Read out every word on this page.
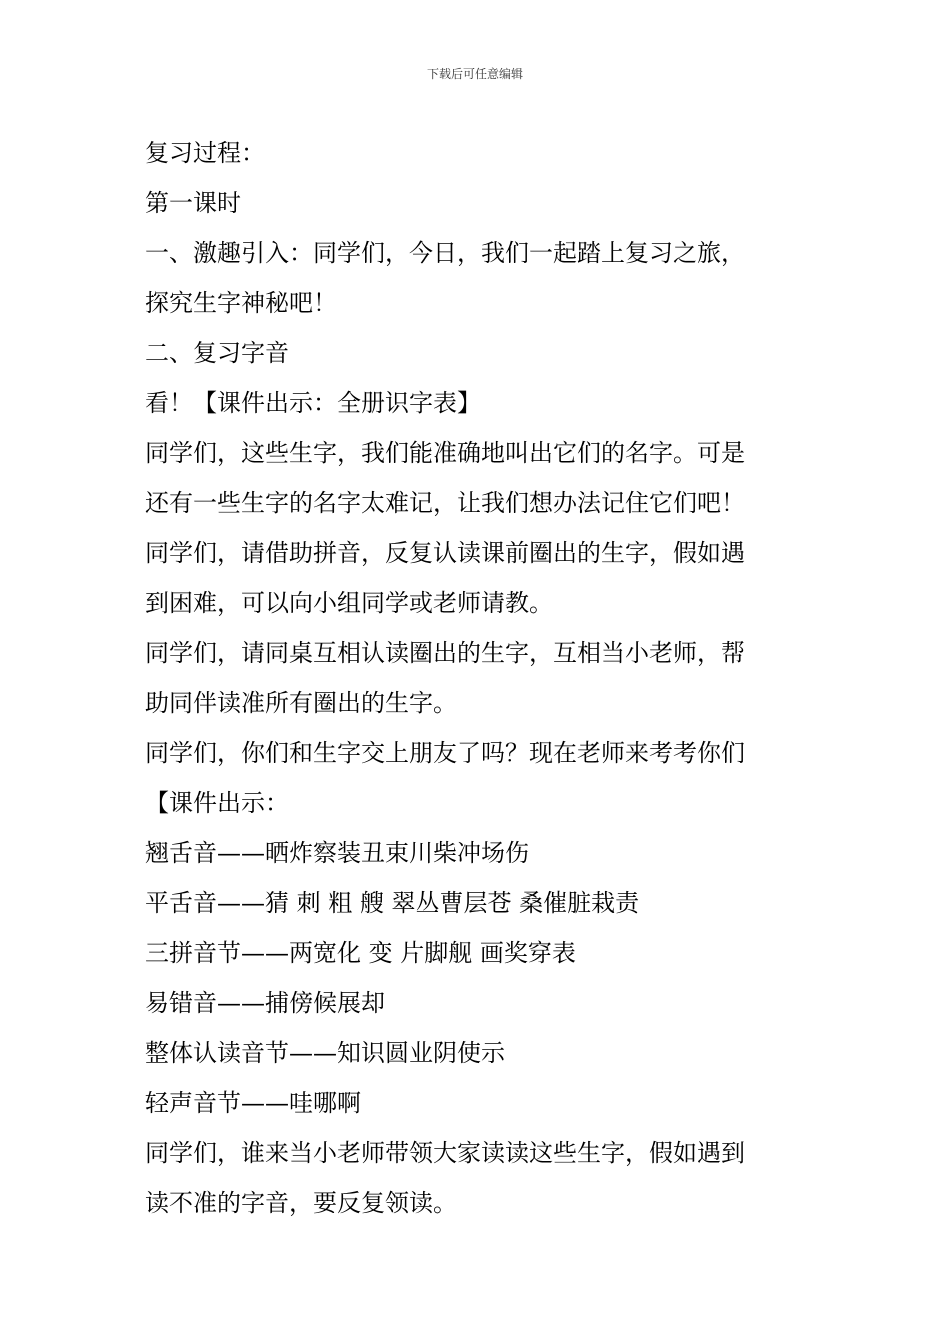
下载后可任意编辑
复习过程：
第一课时
一、激趣引入：同学们，今日，我们一起踏上复习之旅，
探究生字神秘吧！
二、复习字音
看！【课件出示：全册识字表】
同学们，这些生字，我们能准确地叫出它们的名字。可是
还有一些生字的名字太难记，让我们想办法记住它们吧！
同学们，请借助拼音，反复认读课前圈出的生字，假如遇
到困难，可以向小组同学或老师请教。
同学们，请同桌互相认读圈出的生字，互相当小老师，帮
助同伴读准所有圈出的生字。
同学们，你们和生字交上朋友了吗？现在老师来考考你们
【课件出示：
翘舌音——晒炸察装丑束川柴冲场伤
平舌音——猜 刺 粗 艘 翠丛曹层苍 桑催脏栽责
三拼音节——两宽化 变 片脚舰 画奖穿表
易错音——捕傍候展却
整体认读音节——知识圆业阴使示
轻声音节——哇哪啊
同学们，谁来当小老师带领大家读读这些生字，假如遇到
读不准的字音，要反复领读。
